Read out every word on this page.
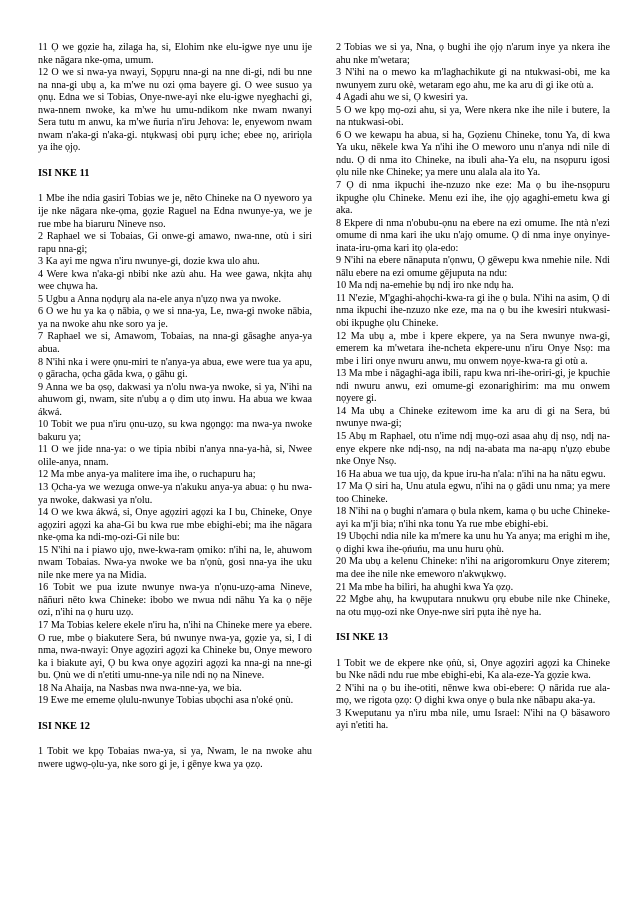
11 Ọ we gọzie ha, zilaga ha, si, Elohim nke elu-igwe nye unu ije nke nāgara nke-ọma, umum.

12 O we si nwa-ya nwayi, Sọpụru nna-gi na nne di-gi, ndi bu nne na nna-gi ubụ a, ka m'we nu ozi ọma bayere gi. O wee susuo ya ọnụ. Edna we si Tobias, Onye-nwe-ayi nke elu-igwe nyeghachi gi, nwa-nnem nwoke, ka m'we hu umu-ndikom nke nwam nwanyi Sera tutu m anwu, ka m'we ñuria n'iru Jehova: le, enyewom nwam nwam n'aka-gi n'aka-gi. ntụkwasị obi pụrụ iche; ebee nọ, aririọla ya ihe ọjọ.

ISI NKE 11

1 Mbe ihe ndia gasiri Tobias we je, nēto Chineke na O nyeworo ya ije nke nāgara nke-ọma, gọzie Raguel na Edna nwunye-ya, we je rue mbe ha biaruru Nineve nso.

2 Raphael we si Tobaias, Gi onwe-gi amawo, nwa-nne, otù i siri rapu nna-gi;

3 Ka ayi me ngwa n'iru nwunye-gi, dozie kwa ulo ahu.

4 Were kwa n'aka-gi nbibi nke azù ahu. Ha wee gawa, nkịta ahụ wee chụwa ha.

5 Ugbu a Anna nọdụrụ ala na-ele anya n'ụzọ nwa ya nwoke.

6 O we hu ya ka ọ nābia, ọ we si nna-ya, Le, nwa-gi nwoke nābia, ya na nwoke ahu nke soro ya je.

7 Raphael we si, Amawom, Tobaias, na nna-gi gāsaghe anya-ya abua.

8 N'ihi nka i were ọnu-miri te n'anya-ya abua, ewe were tua ya apu, ọ gāracha, ọcha gāda kwa, ọ gāhu gi.

9 Anna we ba ọsọ, dakwasi ya n'olu nwa-ya nwoke, si ya, N'ihi na ahuwom gi, nwam, site n'ubụ a ọ dim utọ inwu. Ha abua we kwaa ákwá.

10 Tobit we pua n'iru ọnu-uzọ, su kwa ngọngọ: ma nwa-ya nwoke bakuru ya;

11 O we jide nna-ya: o we tipia nbibi n'anya nna-ya-hà, si, Nwee olile-anya, nnam.

12 Ma mbe anya-ya malitere ima ihe, o ruchapuru ha;

13 Ọcha-ya we wezuga onwe-ya n'akuku anya-ya abua: ọ hu nwa-ya nwoke, dakwasi ya n'olu.

14 O we kwa ákwá, si, Onye agọziri agọzi ka I bu, Chineke, Onye agọziri agọzi ka aha-Gi bu kwa rue mbe ebighi-ebi; ma ihe nāgara nke-ọma ka ndi-mọ-ozi-Gi nile bu:

15 N'ihi na i piawo ujọ, nwe-kwa-ram ọmiko: n'ihi na, le, ahuwom nwam Tobaias. Nwa-ya nwoke we ba n'ọnù, gosi nna-ya ihe uku nile nke mere ya na Midia.

16 Tobit we pua izute nwunye nwa-ya n'ọnu-uzọ-ama Nineve, nāñuri nēto kwa Chineke: ibobo we nwua ndi nāhu Ya ka ọ nēje ozi, n'ihi na ọ huru uzọ.

17 Ma Tobias kelere ekele n'iru ha, n'ihi na Chineke mere ya ebere. O rue, mbe ọ biakutere Sera, bú nwunye nwa-ya, gọzie ya, si, I di nma, nwa-nwayi: Onye agọziri agọzi ka Chineke bu, Onye meworo ka i biakute ayi, Ọ bu kwa onye agọziri agọzi ka nna-gi na nne-gi bu. Ọnù we di n'etiti umu-nne-ya nile ndi nọ na Nineve.

18 Na Ahaija, na Nasbas nwa nwa-nne-ya, we bia.

19 Ewe me ememe ọlulu-nwunye Tobias ubọchi asa n'oké ọnù.

ISI NKE 12

1 Tobit we kpọ Tobaias nwa-ya, si ya, Nwam, le na nwoke ahu nwere ugwọ-ọlu-ya, nke soro gi je, i gēnye kwa ya ọzọ.

2 Tobias we si ya, Nna, ọ bughi ihe ọjọ n'arum inye ya nkera ihe ahu nke m'wetara;

3 N'ihi na o mewo ka m'laghachikute gi na ntukwasi-obi, me ka nwunyem zuru okè, wetaram ego ahu, me ka aru di gi ike otù a.

4 Agadi ahu we si, Ọ kwesiri ya.

5 O we kpọ mọ-ozi ahu, si ya, Were nkera nke ihe nile i butere, la na ntukwasi-obi.

6 O we kewapu ha abua, si ha, Gọzienu Chineke, tonu Ya, di kwa Ya uku, nēkele kwa Ya n'ihi ihe O meworo unu n'anya ndi nile di ndu. Ọ di nma ito Chineke, na ibuli aha-Ya elu, na nsọpuru igosi ọlu nile nke Chineke; ya mere unu alala ala ito Ya.

7 Ọ di nma ikpuchi ihe-nzuzo nke eze: Ma ọ bu ihe-nsọpuru ikpughe ọlu Chineke. Menu ezi ihe, ihe ọjọ agaghi-emetu kwa gi aka.

8 Ekpere di nma n'obubu-ọnu na ebere na ezi omume. Ihe ntà n'ezi omume di nma kari ihe uku n'ajọ omume. Ọ di nma inye onyinye-inata-iru-ọma kari itọ ọla-edo:

9 N'ihi na ebere nānaputa n'ọnwu, Ọ gēwepu kwa nmehie nile. Ndi nālu ebere na ezi omume gējuputa na ndu:

10 Ma ndị na-emehie bụ ndị iro nke ndụ ha.

11 N'ezie, M'gaghi-ahọchi-kwa-ra gi ihe ọ bula. N'ihi na asim, Ọ di nma ikpuchi ihe-nzuzo nke eze, ma na ọ bu ihe kwesiri ntukwasi-obi ikpughe ọlu Chineke.

12 Ma ubụ a, mbe i kpere ekpere, ya na Sera nwunye nwa-gi, emerem ka m'wetara ihe-ncheta ekpere-unu n'iru Onye Nsọ: ma mbe i liri onye nwuru anwu, mu onwem nọye-kwa-ra gi otù a.

13 Ma mbe i nāgaghi-aga ibili, rapu kwa nri-ihe-oriri-gi, je kpuchie ndi nwuru anwu, ezi omume-gi ezonarighirim: ma mu onwem nọyere gi.

14 Ma ubụ a Chineke ezitewom ime ka aru di gi na Sera, bú nwunye nwa-gi;

15 Abụ m Raphael, otu n'ime ndị mụọ-ozi asaa ahụ dị nsọ, ndị na-enye ekpere nke ndị-nsọ, na ndị na-abata ma na-apụ n'ụzọ ebube nke Onye Nsọ.

16 Ha abua we tua ujọ, da kpue iru-ha n'ala: n'ihi na ha nātu egwu.

17 Ma Ọ siri ha, Unu atula egwu, n'ihi na ọ gādi unu nma; ya mere too Chineke.

18 N'ihi na ọ bughi n'amara ọ bula nkem, kama ọ bu uche Chineke-ayi ka m'ji bia; n'ihi nka tonu Ya rue mbe ebighi-ebi.

19 Ubọchi ndia nile ka m'mere ka unu hu Ya anya; ma erighi m ihe, ọ dighi kwa ihe-ọńuńu, ma unu huru ọhù.

20 Ma ubụ a kelenu Chineke: n'ihi na arigoromkuru Onye ziterem; ma dee ihe nile nke emeworo n'akwụkwọ.

21 Ma mbe ha bilìri, ha ahughi kwa Ya ọzọ.

22 Mgbe ahụ, ha kwụputara nnukwu ọrụ ebube nile nke Chineke, na otu mụọ-ozi nke Onye-nwe siri pụta ihè nye ha.

ISI NKE 13

1 Tobit we de ekpere nke ọṅù, si, Onye agọziri agọzi ka Chineke bu Nke nādi ndu rue mbe ebighi-ebi, Ka ala-eze-Ya gọzie kwa.

2 N'ihi na ọ bu ihe-otiti, nēnwe kwa obi-ebere: Ọ nārida rue ala-mọ, we rigota ọzọ: Ọ dighi kwa onye ọ bula nke nābapu aka-ya.

3 Kweputanu ya n'iru mba nile, umu Israel: N'ihi na Ọ bäsaworo ayi n'etiti ha.
